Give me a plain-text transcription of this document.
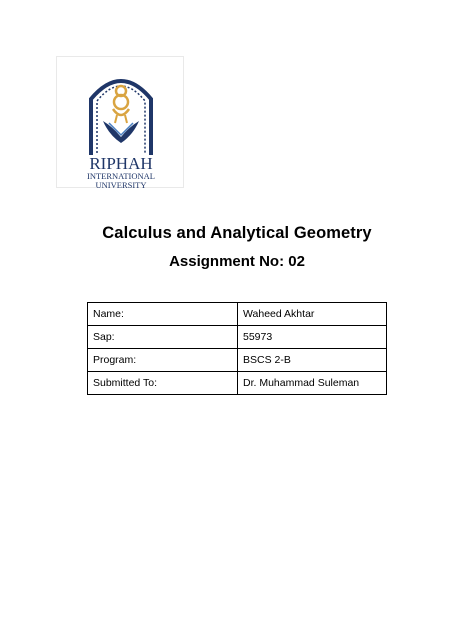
RIPHAH
INTERNATIONAL
UNIVERSITY
Calculus and Analytical Geometry
Assignment No: 02
Name:	Waheed Akhtar
Sap:	55973
Program:	BSCS 2-B
Submitted To:	Dr. Muhammad Suleman
